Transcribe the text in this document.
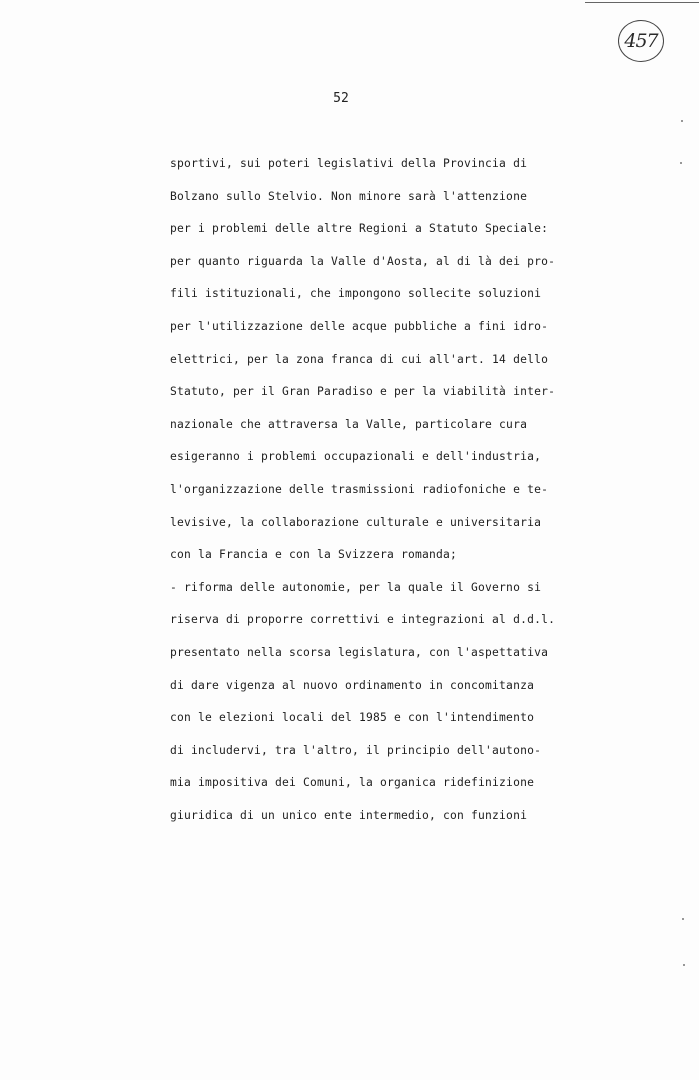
457
52
sportivi, sui poteri legislativi della Provincia di
Bolzano sullo Stelvio. Non minore sarà l'attenzione
per i problemi delle altre Regioni a Statuto Speciale:
per quanto riguarda la Valle d'Aosta, al di là dei pro-
fili istituzionali, che impongono sollecite soluzioni
per l'utilizzazione delle acque pubbliche a fini idro-
elettrici, per la zona franca di cui all'art. 14 dello
Statuto, per il Gran Paradiso e per la viabilità inter-
nazionale che attraversa la Valle, particolare cura
esigeranno i problemi occupazionali e dell'industria,
l'organizzazione delle trasmissioni radiofoniche e te-
levisive, la collaborazione culturale e universitaria
con la Francia e con la Svizzera romanda;
- riforma delle autonomie, per la quale il Governo si
riserva di proporre correttivi e integrazioni al d.d.l.
presentato nella scorsa legislatura, con l'aspettativa
di dare vigenza al nuovo ordinamento in concomitanza
con le elezioni locali del 1985 e con l'intendimento
di includervi, tra l'altro, il principio dell'autono-
mia impositiva dei Comuni, la organica ridefinizione
giuridica di un unico ente intermedio, con funzioni
